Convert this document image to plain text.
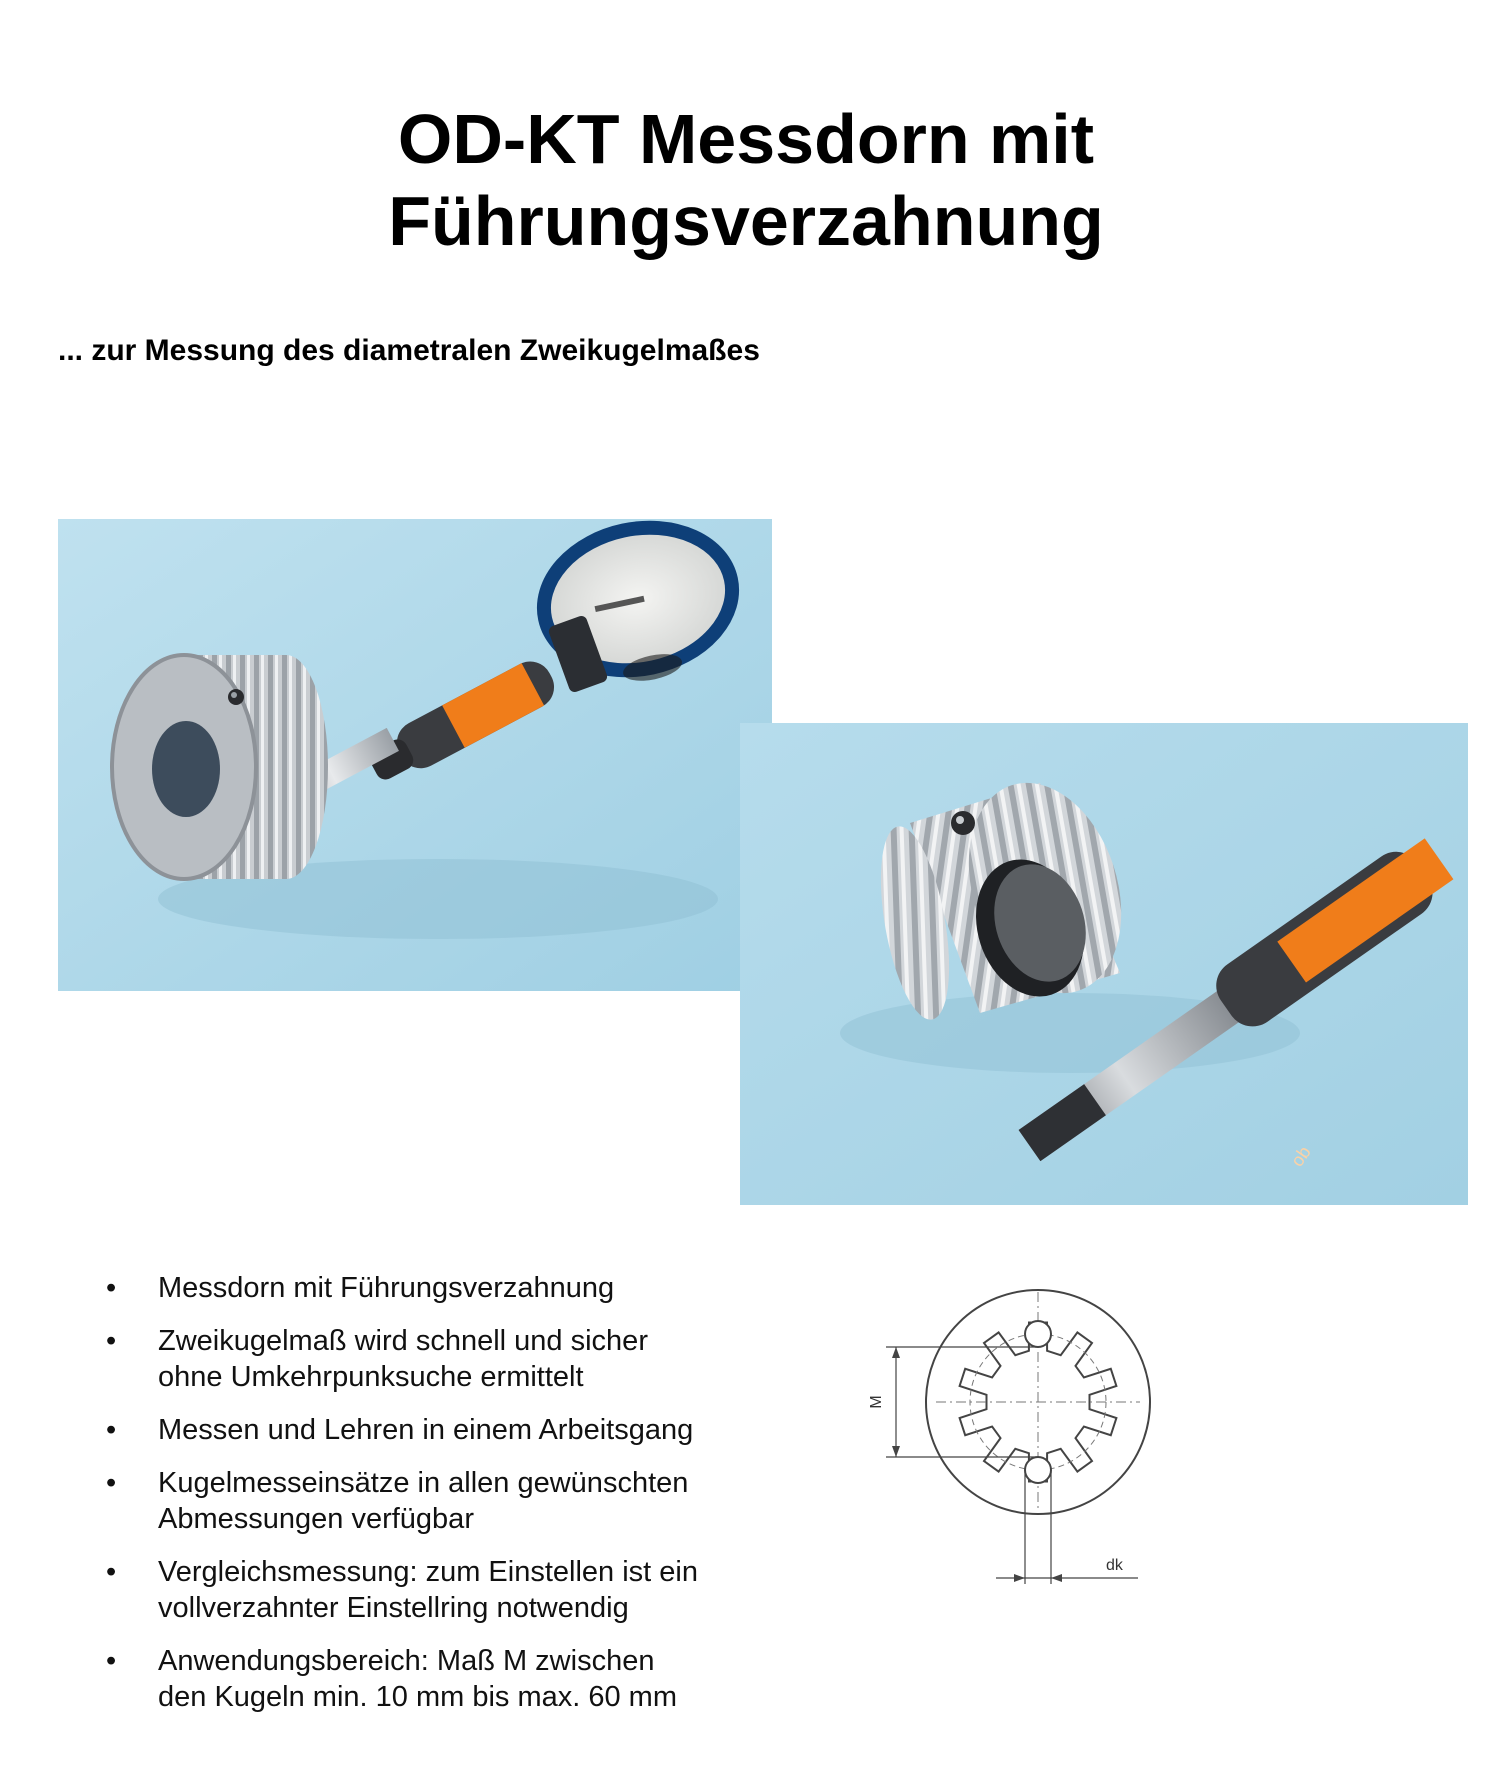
OD-KT Messdorn mit
Führungsverzahnung
... zur Messung des diametralen Zweikugelmaßes
ob
• Messdorn mit Führungsverzahnung
• Zweikugelmaß wird schnell und sicher
ohne Umkehrpunksuche ermittelt
• Messen und Lehren in einem Arbeitsgang
• Kugelmesseinsätze in allen gewünschten
Abmessungen verfügbar
• Vergleichsmessung: zum Einstellen ist ein
vollverzahnter Einstellring notwendig
• Anwendungsbereich: Maß M zwischen
den Kugeln min. 10 mm bis max. 60 mm
M
dk
